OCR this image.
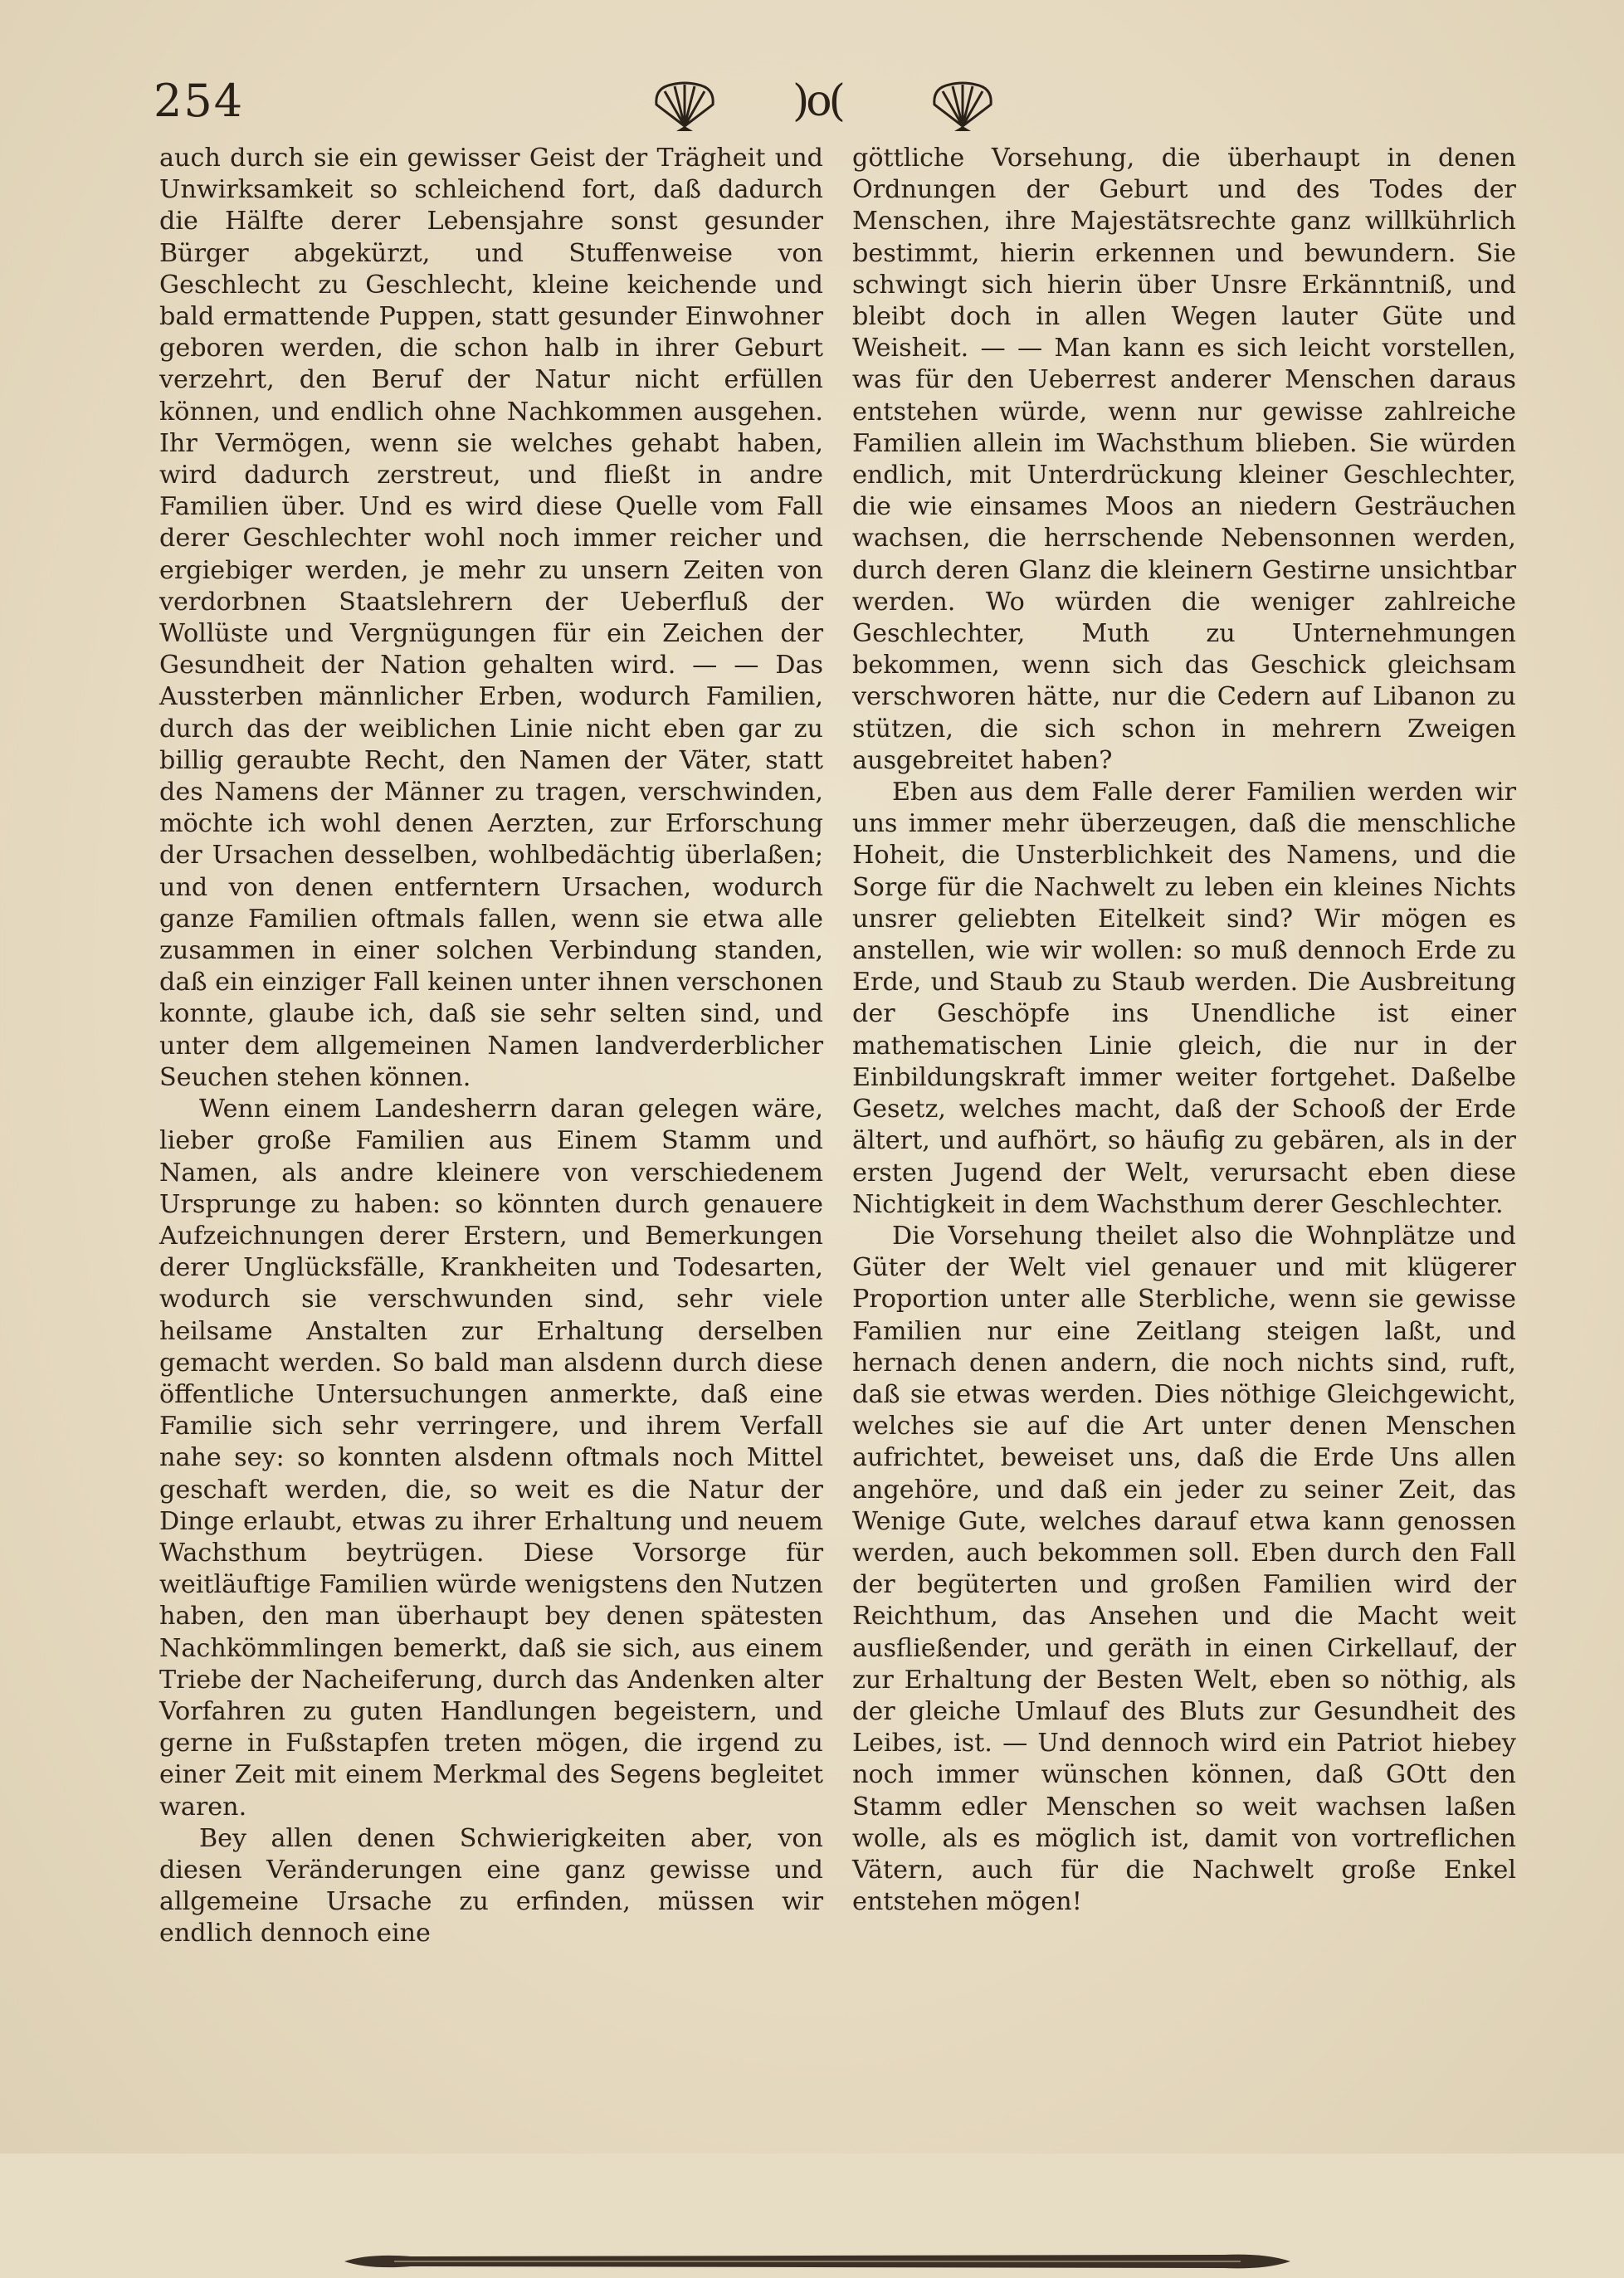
254	)o(

auch durch sie ein gewisser Geist der Trägheit und Unwirksamkeit so schleichend fort, daß dadurch die Hälfte derer Lebensjahre sonst gesunder Bürger abgekürzt, und Stuffenweise von Geschlecht zu Geschlecht, kleine keichende und bald ermattende Puppen, statt gesunder Einwohner geboren werden, die schon halb in ihrer Geburt verzehrt, den Beruf der Natur nicht erfüllen können, und endlich ohne Nachkommen ausgehen. Ihr Vermögen, wenn sie welches gehabt haben, wird dadurch zerstreut, und fließt in andre Familien über. Und es wird diese Quelle vom Fall derer Geschlechter wohl noch immer reicher und ergiebiger werden, je mehr zu unsern Zeiten von verdorbnen Staatslehrern der Ueberfluß der Wollüste und Vergnügungen für ein Zeichen der Gesundheit der Nation gehalten wird. — — Das Aussterben männlicher Erben, wodurch Familien, durch das der weiblichen Linie nicht eben gar zu billig geraubte Recht, den Namen der Väter, statt des Namens der Männer zu tragen, verschwinden, möchte ich wohl denen Aerzten, zur Erforschung der Ursachen desselben, wohlbedächtig überlaßen; und von denen entferntern Ursachen, wodurch ganze Familien oftmals fallen, wenn sie etwa alle zusammen in einer solchen Verbindung standen, daß ein einziger Fall keinen unter ihnen verschonen konnte, glaube ich, daß sie sehr selten sind, und unter dem allgemeinen Namen landverderblicher Seuchen stehen können.

Wenn einem Landesherrn daran gelegen wäre, lieber große Familien aus Einem Stamm und Namen, als andre kleinere von verschiedenem Ursprunge zu haben: so könnten durch genauere Aufzeichnungen derer Erstern, und Bemerkungen derer Unglücksfälle, Krankheiten und Todesarten, wodurch sie verschwunden sind, sehr viele heilsame Anstalten zur Erhaltung derselben gemacht werden. So bald man alsdenn durch diese öffentliche Untersuchungen anmerkte, daß eine Familie sich sehr verringere, und ihrem Verfall nahe sey: so konnten alsdenn oftmals noch Mittel geschaft werden, die, so weit es die Natur der Dinge erlaubt, etwas zu ihrer Erhaltung und neuem Wachsthum beytrügen. Diese Vorsorge für weitläuftige Familien würde wenigstens den Nutzen haben, den man überhaupt bey denen spätesten Nachkömmlingen bemerkt, daß sie sich, aus einem Triebe der Nacheiferung, durch das Andenken alter Vorfahren zu guten Handlungen begeistern, und gerne in Fußstapfen treten mögen, die irgend zu einer Zeit mit einem Merkmal des Segens begleitet waren.

Bey allen denen Schwierigkeiten aber, von diesen Veränderungen eine ganz gewisse und allgemeine Ursache zu erfinden, müssen wir endlich dennoch eine

göttliche Vorsehung, die überhaupt in denen Ordnungen der Geburt und des Todes der Menschen, ihre Majestätsrechte ganz willkührlich bestimmt, hierin erkennen und bewundern. Sie schwingt sich hierin über Unsre Erkänntniß, und bleibt doch in allen Wegen lauter Güte und Weisheit. — — Man kann es sich leicht vorstellen, was für den Ueberrest anderer Menschen daraus entstehen würde, wenn nur gewisse zahlreiche Familien allein im Wachsthum blieben. Sie würden endlich, mit Unterdrückung kleiner Geschlechter, die wie einsames Moos an niedern Gesträuchen wachsen, die herrschende Nebensonnen werden, durch deren Glanz die kleinern Gestirne unsichtbar werden. Wo würden die weniger zahlreiche Geschlechter, Muth zu Unternehmungen bekommen, wenn sich das Geschick gleichsam verschworen hätte, nur die Cedern auf Libanon zu stützen, die sich schon in mehrern Zweigen ausgebreitet haben?

Eben aus dem Falle derer Familien werden wir uns immer mehr überzeugen, daß die menschliche Hoheit, die Unsterblichkeit des Namens, und die Sorge für die Nachwelt zu leben ein kleines Nichts unsrer geliebten Eitelkeit sind? Wir mögen es anstellen, wie wir wollen: so muß dennoch Erde zu Erde, und Staub zu Staub werden. Die Ausbreitung der Geschöpfe ins Unendliche ist einer mathematischen Linie gleich, die nur in der Einbildungskraft immer weiter fortgehet. Daßelbe Gesetz, welches macht, daß der Schooß der Erde ältert, und aufhört, so häufig zu gebären, als in der ersten Jugend der Welt, verursacht eben diese Nichtigkeit in dem Wachsthum derer Geschlechter.

Die Vorsehung theilet also die Wohnplätze und Güter der Welt viel genauer und mit klügerer Proportion unter alle Sterbliche, wenn sie gewisse Familien nur eine Zeitlang steigen laßt, und hernach denen andern, die noch nichts sind, ruft, daß sie etwas werden. Dies nöthige Gleichgewicht, welches sie auf die Art unter denen Menschen aufrichtet, beweiset uns, daß die Erde Uns allen angehöre, und daß ein jeder zu seiner Zeit, das Wenige Gute, welches darauf etwa kann genossen werden, auch bekommen soll. Eben durch den Fall der begüterten und großen Familien wird der Reichthum, das Ansehen und die Macht weit ausfließender, und geräth in einen Cirkellauf, der zur Erhaltung der Besten Welt, eben so nöthig, als der gleiche Umlauf des Bluts zur Gesundheit des Leibes, ist. — Und dennoch wird ein Patriot hiebey noch immer wünschen können, daß GOtt den Stamm edler Menschen so weit wachsen laßen wolle, als es möglich ist, damit von vortreflichen Vätern, auch für die Nachwelt große Enkel entstehen mögen!
